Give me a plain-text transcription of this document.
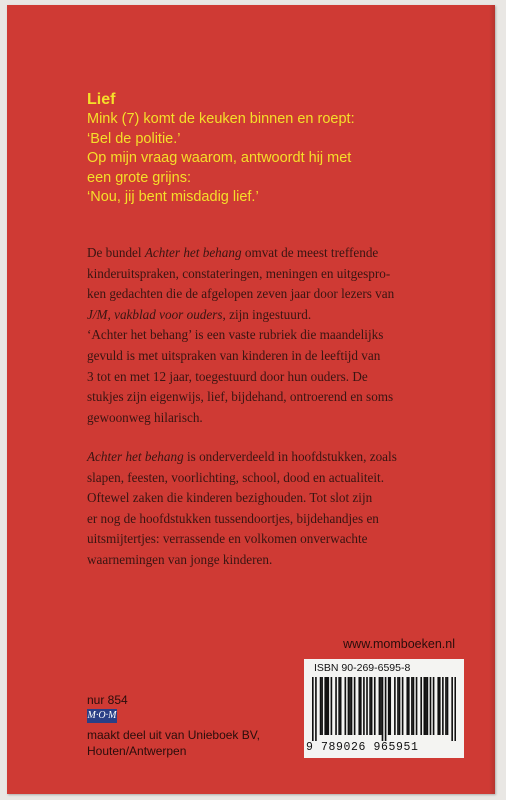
Lief
Mink (7) komt de keuken binnen en roept:
‘Bel de politie.’
Op mijn vraag waarom, antwoordt hij met
een grote grijns:
‘Nou, jij bent misdadig lief.’
De bundel Achter het behang omvat de meest treffende
kinderuitspraken, constateringen, meningen en uitgespro-
ken gedachten die de afgelopen zeven jaar door lezers van
J/M, vakblad voor ouders, zijn ingestuurd.
‘Achter het behang’ is een vaste rubriek die maandelijks
gevuld is met uitspraken van kinderen in de leeftijd van
3 tot en met 12 jaar, toegestuurd door hun ouders. De
stukjes zijn eigenwijs, lief, bijdehand, ontroerend en soms
gewoonweg hilarisch.
Achter het behang is onderverdeeld in hoofdstukken, zoals
slapen, feesten, voorlichting, school, dood en actualiteit.
Oftewel zaken die kinderen bezighouden. Tot slot zijn
er nog de hoofdstukken tussendoortjes, bijdehandjes en
uitsmijtertjes: verrassende en volkomen onverwachte
waarnemingen van jonge kinderen.
www.momboeken.nl
ISBN 90-269-6595-8
9 789026 965951
nur 854
M·O·M
maakt deel uit van Unieboek BV,
Houten/Antwerpen
